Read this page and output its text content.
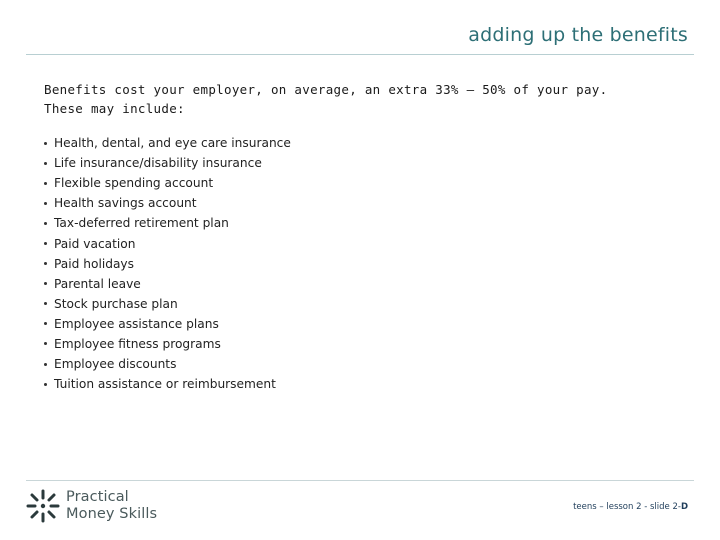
adding up the benefits
Benefits cost your employer, on average, an extra 33% – 50% of your pay.
These may include:
Health, dental, and eye care insurance
Life insurance/disability insurance
Flexible spending account
Health savings account
Tax-deferred retirement plan
Paid vacation
Paid holidays
Parental leave
Stock purchase plan
Employee assistance plans
Employee fitness programs
Employee discounts
Tuition assistance or reimbursement
Practical
Money Skills	teens – lesson 2 - slide 2-D
